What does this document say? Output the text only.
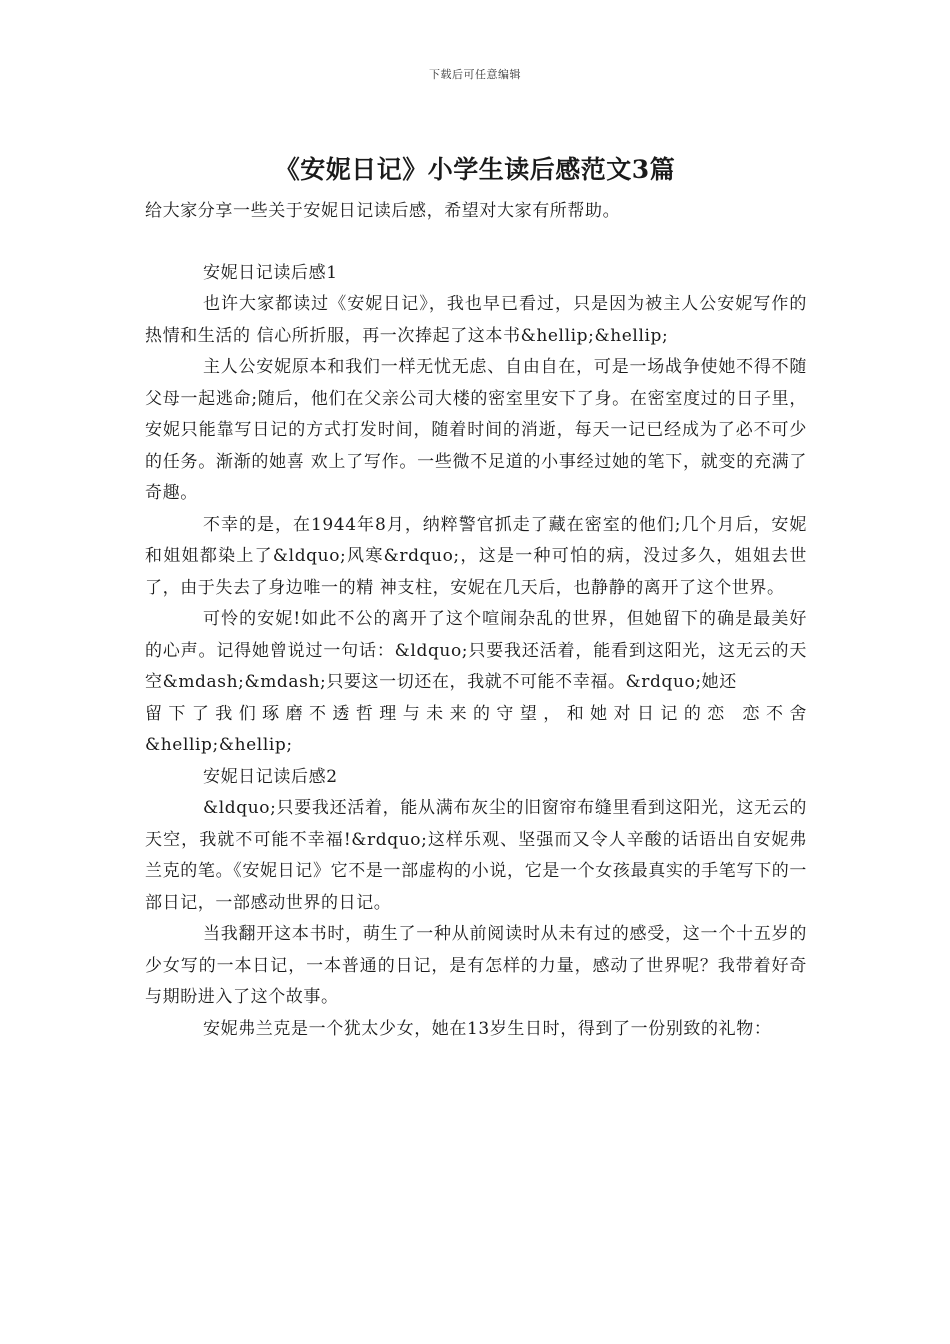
下载后可任意编辑
《安妮日记》小学生读后感范文3篇

给大家分享一些关于安妮日记读后感，希望对大家有所帮助。

安妮日记读后感1

也许大家都读过《安妮日记》，我也早已看过，只是因为被主人公安妮写作的热情和生活的 信心所折服，再一次捧起了这本书&hellip;&hellip;

主人公安妮原本和我们一样无忧无虑、自由自在，可是一场战争使她不得不随父母一起逃命;随后，他们在父亲公司大楼的密室里安下了身。在密室度过的日子里，安妮只能靠写日记的方式打发时间，随着时间的消逝，每天一记已经成为了必不可少的任务。渐渐的她喜 欢上了写作。一些微不足道的小事经过她的笔下，就变的充满了奇趣。

不幸的是，在1944年8月，纳粹警官抓走了藏在密室的他们;几个月后，安妮和姐姐都染上了&ldquo;风寒&rdquo;，这是一种可怕的病，没过多久，姐姐去世了，由于失去了身边唯一的精 神支柱，安妮在几天后，也静静的离开了这个世界。

可怜的安妮!如此不公的离开了这个喧闹杂乱的世界，但她留下的确是最美好的心声。记得她曾说过一句话：&ldquo;只要我还活着，能看到这阳光，这无云的天空&mdash;&mdash;只要这一切还在，我就不可能不幸福。&rdquo;她还

留下了我们琢磨不透哲理与未来的守望，和她对日记的恋 恋不舍

&hellip;&hellip;

安妮日记读后感2

&ldquo;只要我还活着，能从满布灰尘的旧窗帘布缝里看到这阳光，这无云的天空，我就不可能不幸福!&rdquo;这样乐观、坚强而又令人辛酸的话语出自安妮弗兰克的笔。《安妮日记》它不是一部虚构的小说，它是一个女孩最真实的手笔写下的一部日记，一部感动世界的日记。

当我翻开这本书时，萌生了一种从前阅读时从未有过的感受，这一个十五岁的少女写的一本日记，一本普通的日记，是有怎样的力量，感动了世界呢？我带着好奇与期盼进入了这个故事。

安妮弗兰克是一个犹太少女，她在13岁生日时，得到了一份别致的礼物：
